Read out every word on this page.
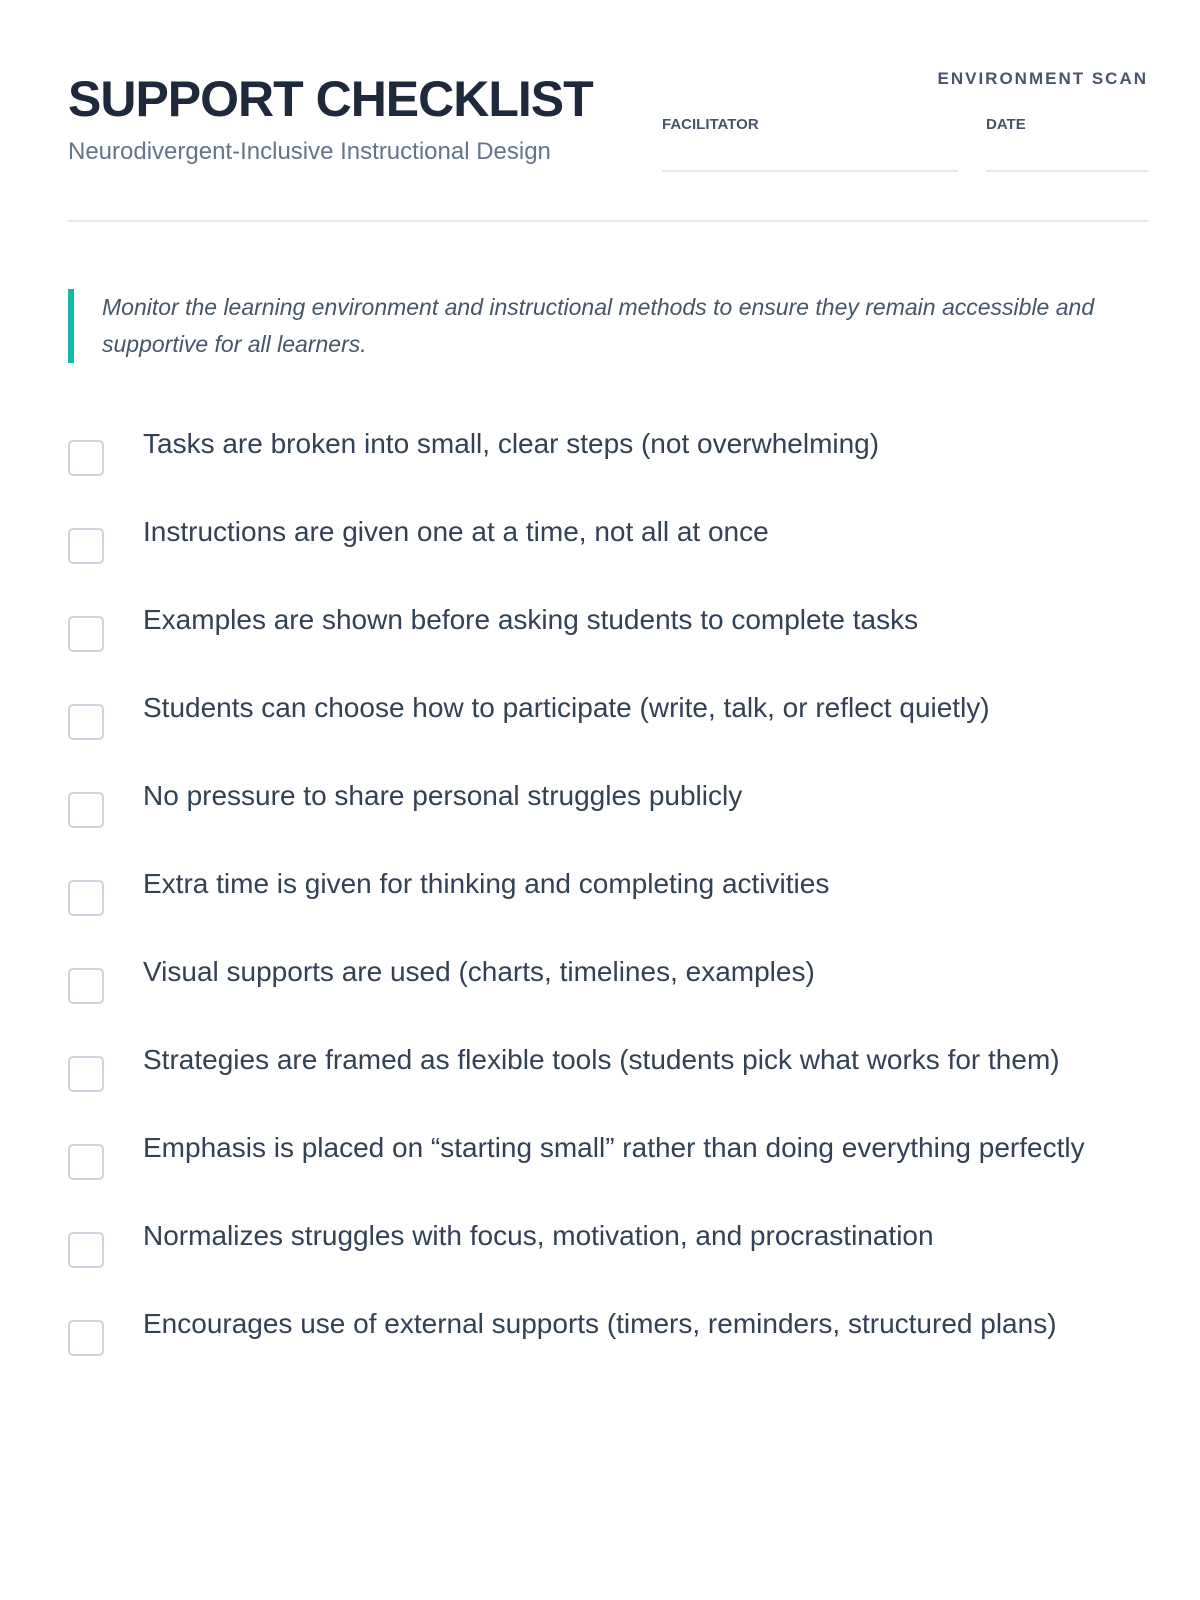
SUPPORT CHECKLIST

Neurodivergent-Inclusive Instructional Design

ENVIRONMENT SCAN
FACILITATOR	DATE
Monitor the learning environment and instructional methods to ensure they remain accessible and supportive for all learners.
Tasks are broken into small, clear steps (not overwhelming)
Instructions are given one at a time, not all at once
Examples are shown before asking students to complete tasks
Students can choose how to participate (write, talk, or reflect quietly)
No pressure to share personal struggles publicly
Extra time is given for thinking and completing activities
Visual supports are used (charts, timelines, examples)
Strategies are framed as flexible tools (students pick what works for them)
Emphasis is placed on “starting small” rather than doing everything perfectly
Normalizes struggles with focus, motivation, and procrastination
Encourages use of external supports (timers, reminders, structured plans)
